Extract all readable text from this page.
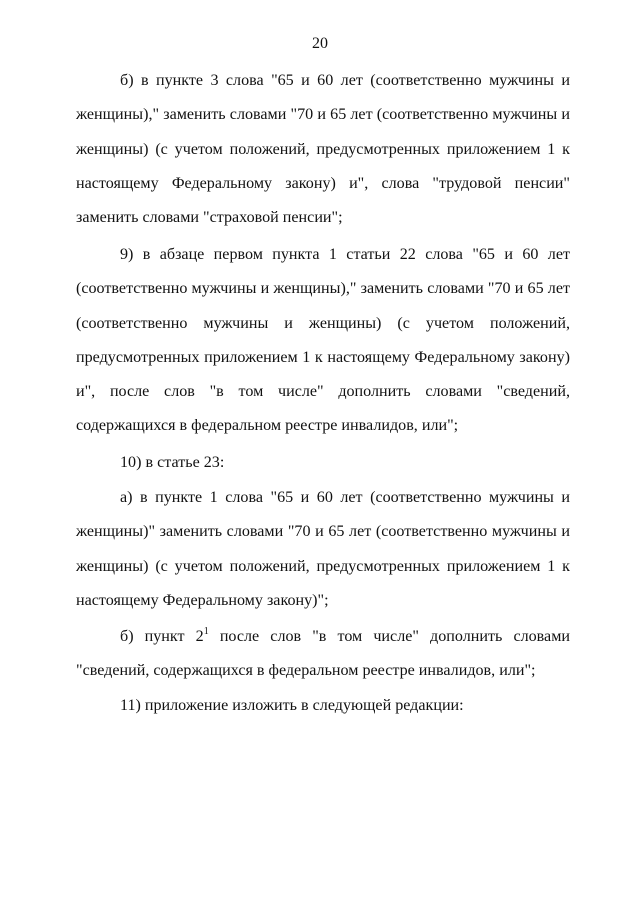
20

б) в пункте 3 слова "65 и 60 лет (соответственно мужчины и женщины)," заменить словами "70 и 65 лет (соответственно мужчины и женщины) (с учетом положений, предусмотренных приложением 1 к настоящему Федеральному закону) и", слова "трудовой пенсии" заменить словами "страховой пенсии";

9) в абзаце первом пункта 1 статьи 22 слова "65 и 60 лет (соответственно мужчины и женщины)," заменить словами "70 и 65 лет (соответственно мужчины и женщины) (с учетом положений, предусмотренных приложением 1 к настоящему Федеральному закону) и", после слов "в том числе" дополнить словами "сведений, содержащихся в федеральном реестре инвалидов, или";

10) в статье 23:

а) в пункте 1 слова "65 и 60 лет (соответственно мужчины и женщины)" заменить словами "70 и 65 лет (соответственно мужчины и женщины) (с учетом положений, предусмотренных приложением 1 к настоящему Федеральному закону)";

б) пункт $2^1$ после слов "в том числе" дополнить словами "сведений, содержащихся в федеральном реестре инвалидов, или";

11) приложение изложить в следующей редакции:
